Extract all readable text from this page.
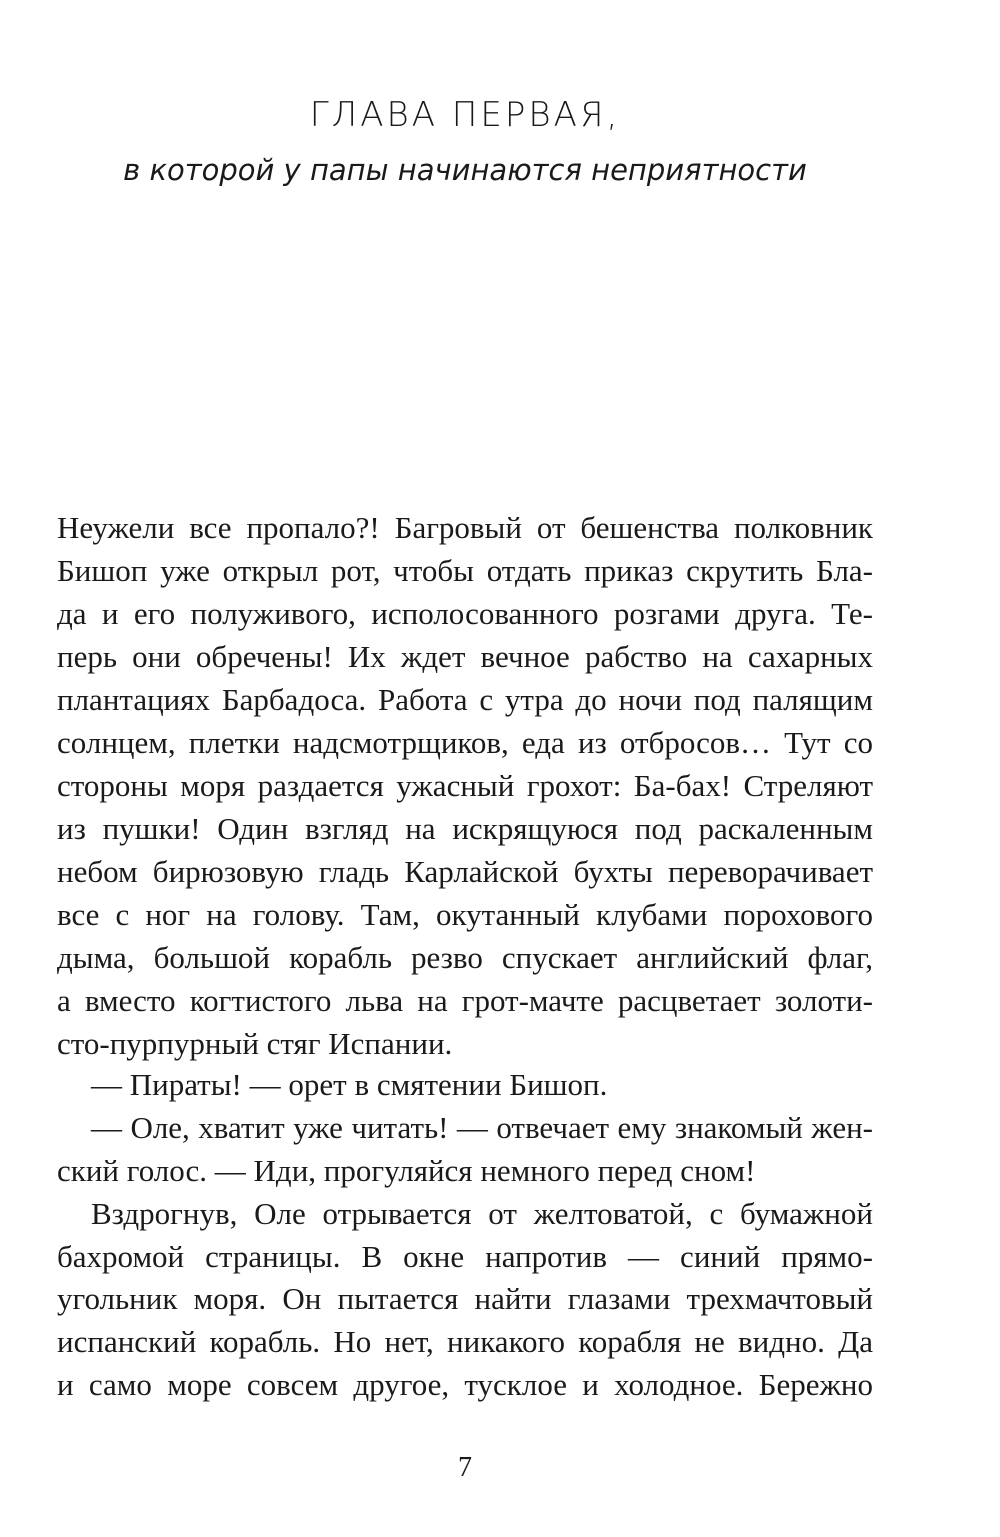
ГЛАВА ПЕРВАЯ,
в которой у папы начинаются неприятности
Неужели все пропало?! Багровый от бешенства полковник
Бишоп уже открыл рот, чтобы отдать приказ скрутить Бла-
да и его полуживого, исполосованного розгами друга. Те-
перь они обречены! Их ждет вечное рабство на сахарных
плантациях Барбадоса. Работа с утра до ночи под палящим
солнцем, плетки надсмотрщиков, еда из отбросов… Тут со
стороны моря раздается ужасный грохот: Ба-бах! Стреляют
из пушки! Один взгляд на искрящуюся под раскаленным
небом бирюзовую гладь Карлайской бухты переворачивает
все с ног на голову. Там, окутанный клубами порохового
дыма, большой корабль резво спускает английский флаг,
а вместо когтистого льва на грот-мачте расцветает золоти-
сто-пурпурный стяг Испании.
— Пираты! — орет в смятении Бишоп.
— Оле, хватит уже читать! — отвечает ему знакомый жен-
ский голос. — Иди, прогуляйся немного перед сном!
Вздрогнув, Оле отрывается от желтоватой, с бумажной
бахромой страницы. В окне напротив — синий прямо-
угольник моря. Он пытается найти глазами трехмачтовый
испанский корабль. Но нет, никакого корабля не видно. Да
и само море совсем другое, тусклое и холодное. Бережно
7
